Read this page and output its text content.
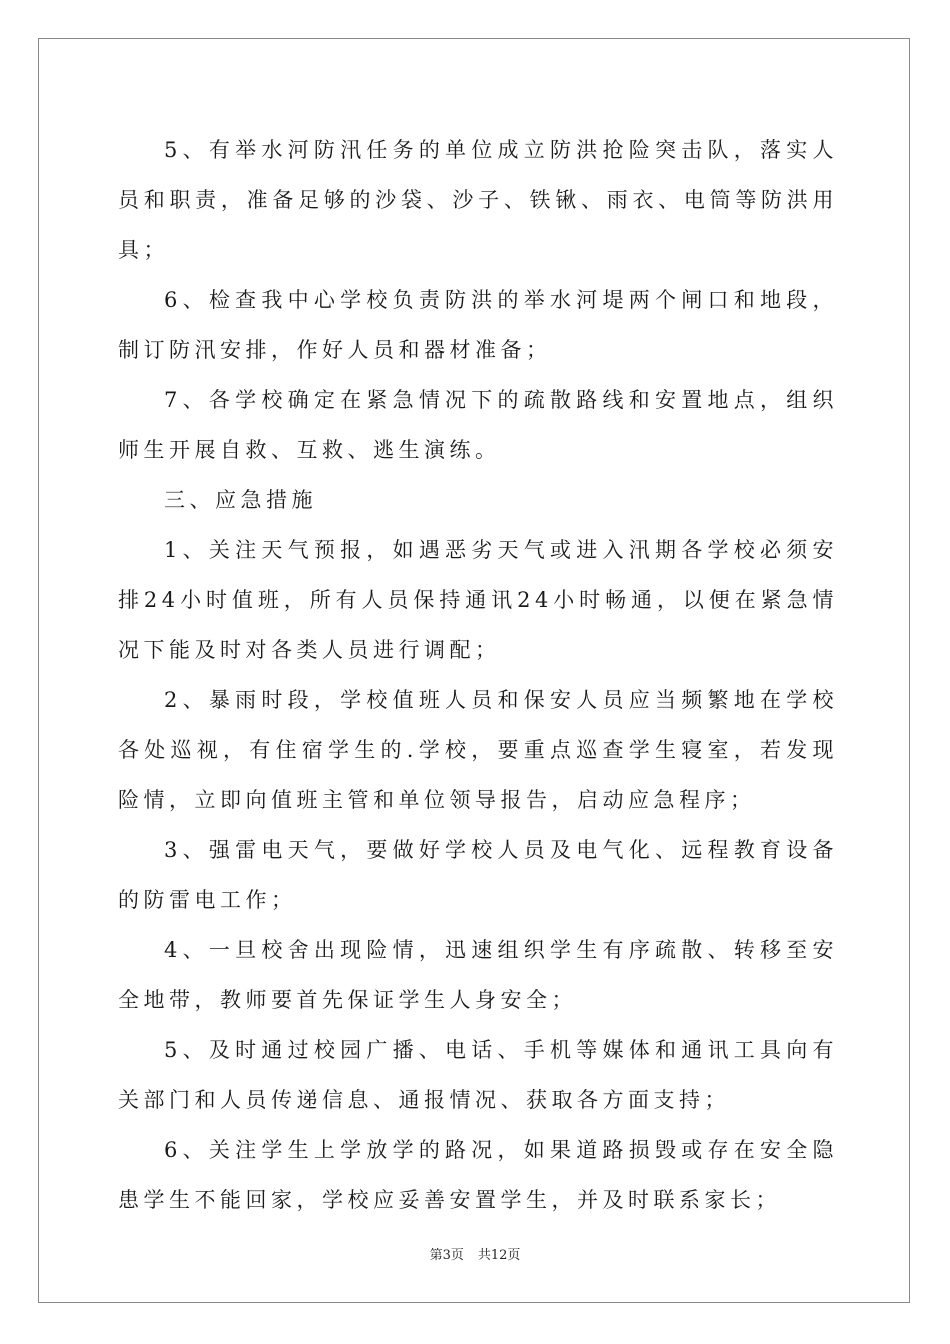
5、有举水河防汛任务的单位成立防洪抢险突击队，落实人员和职责，准备足够的沙袋、沙子、铁锹、雨衣、电筒等防洪用具；

6、检查我中心学校负责防洪的举水河堤两个闸口和地段，制订防汛安排，作好人员和器材准备；

7、各学校确定在紧急情况下的疏散路线和安置地点，组织师生开展自救、互救、逃生演练。

三、应急措施

1、关注天气预报，如遇恶劣天气或进入汛期各学校必须安排24小时值班，所有人员保持通讯24小时畅通，以便在紧急情况下能及时对各类人员进行调配；

2、暴雨时段，学校值班人员和保安人员应当频繁地在学校各处巡视，有住宿学生的.学校，要重点巡查学生寝室，若发现险情，立即向值班主管和单位领导报告，启动应急程序；

3、强雷电天气，要做好学校人员及电气化、远程教育设备的防雷电工作；

4、一旦校舍出现险情，迅速组织学生有序疏散、转移至安全地带，教师要首先保证学生人身安全；

5、及时通过校园广播、电话、手机等媒体和通讯工具向有关部门和人员传递信息、通报情况、获取各方面支持；

6、关注学生上学放学的路况，如果道路损毁或存在安全隐患学生不能回家，学校应妥善安置学生，并及时联系家长；

第3页 共12页
